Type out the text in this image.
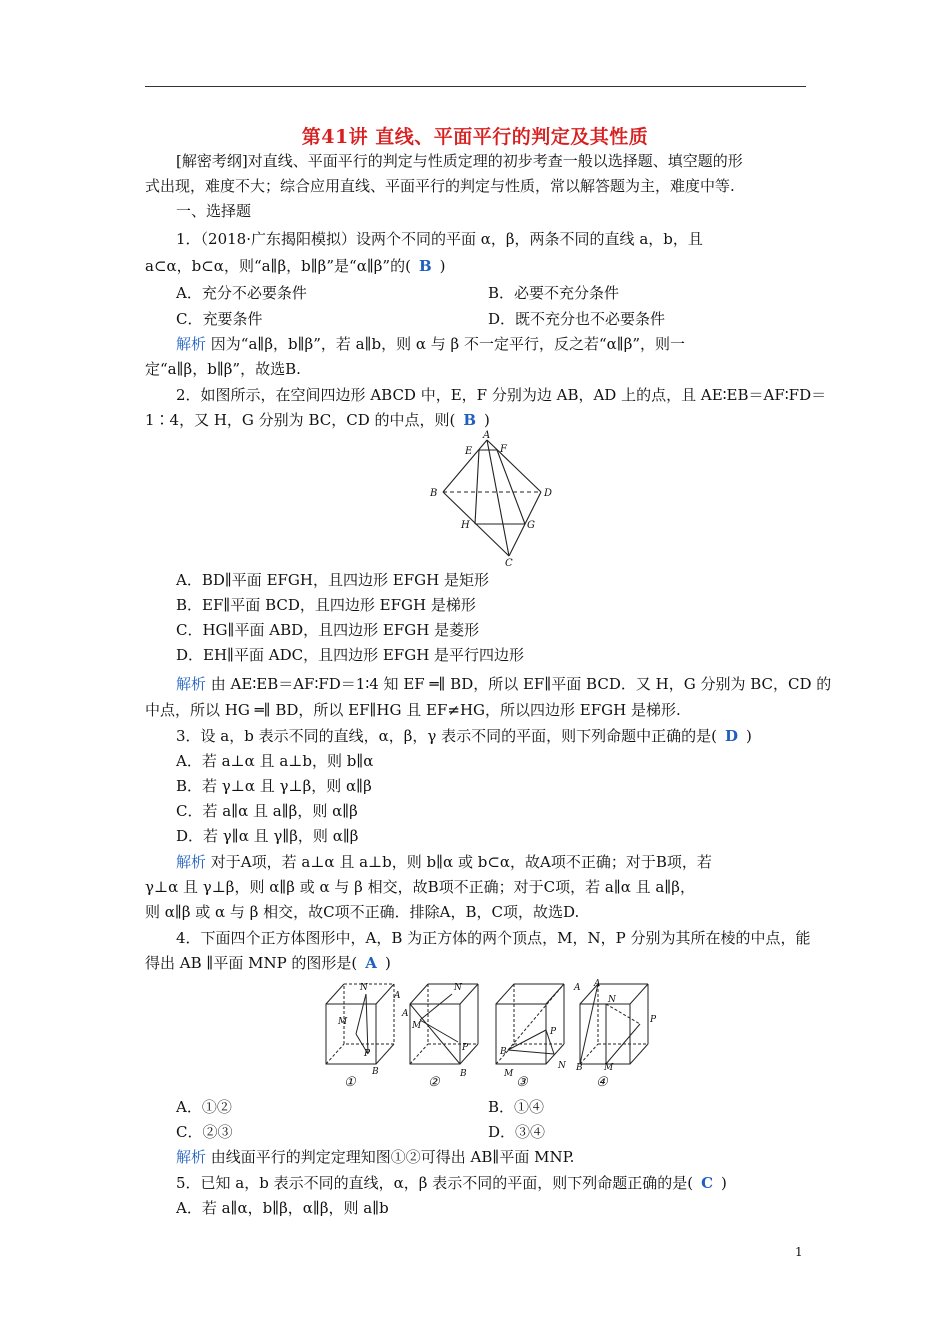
第41讲 直线、平面平行的判定及其性质
[解密考纲]对直线、平面平行的判定与性质定理的初步考查一般以选择题、填空题的形
式出现，难度不大；综合应用直线、平面平行的判定与性质，常以解答题为主，难度中等.
一、选择题
1．（2018·广东揭阳模拟）设两个不同的平面 α，β，两条不同的直线 a，b，且
a⊂α，b⊂α，则“a∥β，b∥β”是“α∥β”的( B )
A．充分不必要条件	B．必要不充分条件
C．充要条件	D．既不充分也不必要条件
解析 因为“a∥β，b∥β”，若 a∥b，则 α 与 β 不一定平行，反之若“α∥β”，则一
定“a∥β，b∥β”，故选B.
2．如图所示，在空间四边形 ABCD 中，E，F 分别为边 AB，AD 上的点，且 AE∶EB＝AF∶FD＝
1∶4，又 H，G 分别为 BC，CD 的中点，则( B )
A
E	F
B	D
H	G
C
A．BD∥平面 EFGH，且四边形 EFGH 是矩形
B．EF∥平面 BCD，且四边形 EFGH 是梯形
C．HG∥平面 ABD，且四边形 EFGH 是菱形
D．EH∥平面 ADC，且四边形 EFGH 是平行四边形
解析 由 AE∶EB＝AF∶FD＝1∶4 知 EF ═∥ BD，所以 EF∥平面 BCD．又 H，G 分别为 BC，CD 的
中点，所以 HG ═∥ BD，所以 EF∥HG 且 EF≠HG，所以四边形 EFGH 是梯形.
3．设 a，b 表示不同的直线，α，β，γ 表示不同的平面，则下列命题中正确的是( D )
A．若 a⊥α 且 a⊥b，则 b∥α
B．若 γ⊥α 且 γ⊥β，则 α∥β
C．若 a∥α 且 a∥β，则 α∥β
D．若 γ∥α 且 γ∥β，则 α∥β
解析 对于A项，若 a⊥α 且 a⊥b，则 b∥α 或 b⊂α，故A项不正确；对于B项，若
γ⊥α 且 γ⊥β，则 α∥β 或 α 与 β 相交，故B项不正确；对于C项，若 a∥α 且 a∥β，
则 α∥β 或 α 与 β 相交，故C项不正确．排除A，B，C项，故选D.
4．下面四个正方体图形中，A，B 为正方体的两个顶点，M，N，P 分别为其所在棱的中点，能
得出 AB ∥平面 MNP 的图形是( A )
N
A
M
P
B
N
A
M
P
B
A
P
B
N
M
A
N
P
B M
①	②	③	④
A．①②	B．①④
C．②③	D．③④
解析 由线面平行的判定定理知图①②可得出 AB∥平面 MNP.
5．已知 a，b 表示不同的直线，α，β 表示不同的平面，则下列命题正确的是( C )
A．若 a∥α，b∥β，α∥β，则 a∥b
1
